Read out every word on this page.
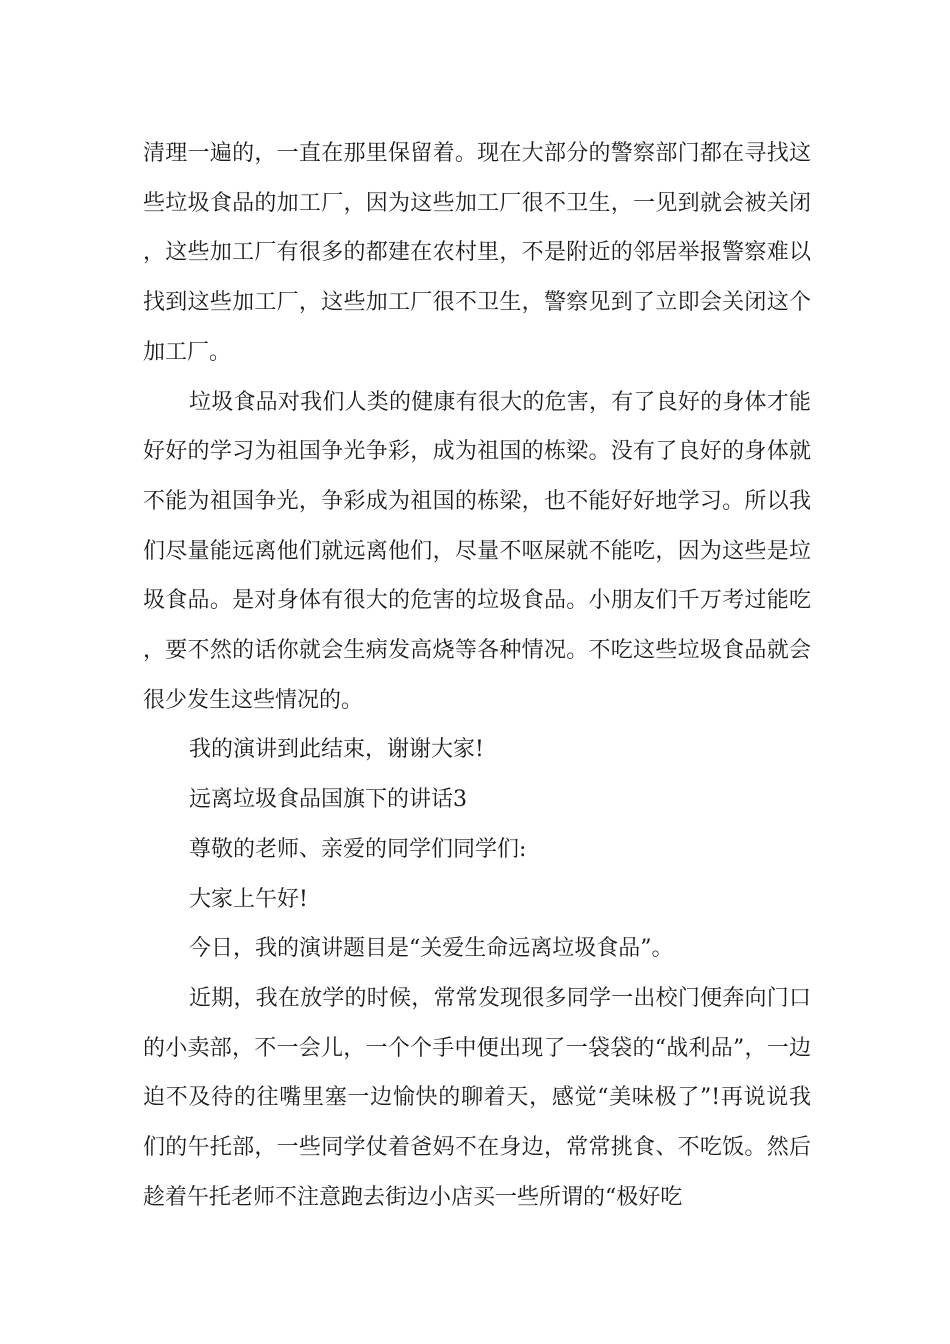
清理一遍的，一直在那里保留着。现在大部分的警察部门都在寻找这些垃圾食品的加工厂，因为这些加工厂很不卫生，一见到就会被关闭，这些加工厂有很多的都建在农村里，不是附近的邻居举报警察难以找到这些加工厂，这些加工厂很不卫生，警察见到了立即会关闭这个加工厂。

垃圾食品对我们人类的健康有很大的危害，有了良好的身体才能好好的学习为祖国争光争彩，成为祖国的栋梁。没有了良好的身体就不能为祖国争光，争彩成为祖国的栋梁，也不能好好地学习。所以我们尽量能远离他们就远离他们，尽量不呕屎就不能吃，因为这些是垃圾食品。是对身体有很大的危害的垃圾食品。小朋友们千万考过能吃，要不然的话你就会生病发高烧等各种情况。不吃这些垃圾食品就会很少发生这些情况的。

我的演讲到此结束，谢谢大家!

远离垃圾食品国旗下的讲话3

尊敬的老师、亲爱的同学们同学们:

大家上午好!

今日，我的演讲题目是“关爱生命远离垃圾食品”。

近期，我在放学的时候，常常发现很多同学一出校门便奔向门口的小卖部，不一会儿，一个个手中便出现了一袋袋的“战利品”，一边迫不及待的往嘴里塞一边愉快的聊着天，感觉“美味极了”!再说说我们的午托部，一些同学仗着爸妈不在身边，常常挑食、不吃饭。然后趁着午托老师不注意跑去街边小店买一些所谓的“极好吃
